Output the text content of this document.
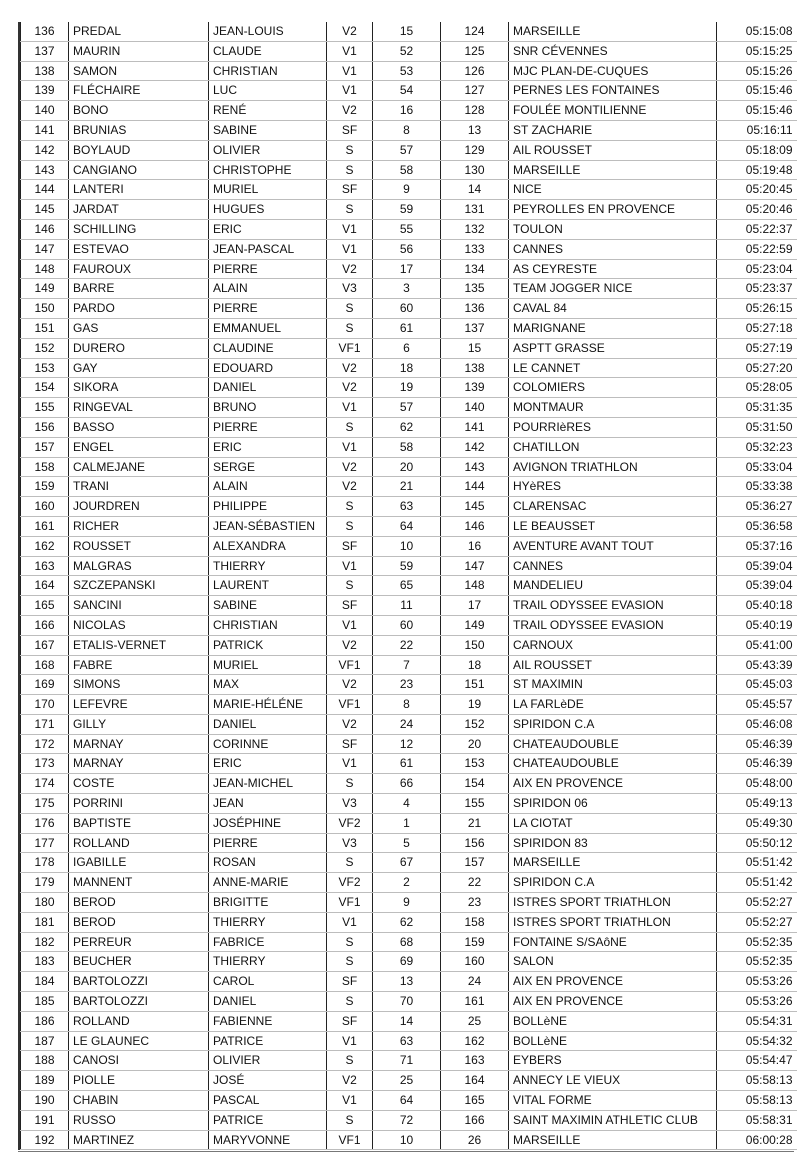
136	PREDAL	JEAN-LOUIS	V2	15	124	MARSEILLE	05:15:08
137	MAURIN	CLAUDE	V1	52	125	SNR CÉVENNES	05:15:25
138	SAMON	CHRISTIAN	V1	53	126	MJC PLAN-DE-CUQUES	05:15:26
139	FLÉCHAIRE	LUC	V1	54	127	PERNES LES FONTAINES	05:15:46
140	BONO	RENÉ	V2	16	128	FOULÉE MONTILIENNE	05:15:46
141	BRUNIAS	SABINE	SF	8	13	ST ZACHARIE	05:16:11
142	BOYLAUD	OLIVIER	S	57	129	AIL ROUSSET	05:18:09
143	CANGIANO	CHRISTOPHE	S	58	130	MARSEILLE	05:19:48
144	LANTERI	MURIEL	SF	9	14	NICE	05:20:45
145	JARDAT	HUGUES	S	59	131	PEYROLLES EN PROVENCE	05:20:46
146	SCHILLING	ERIC	V1	55	132	TOULON	05:22:37
147	ESTEVAO	JEAN-PASCAL	V1	56	133	CANNES	05:22:59
148	FAUROUX	PIERRE	V2	17	134	AS CEYRESTE	05:23:04
149	BARRE	ALAIN	V3	3	135	TEAM JOGGER NICE	05:23:37
150	PARDO	PIERRE	S	60	136	CAVAL 84	05:26:15
151	GAS	EMMANUEL	S	61	137	MARIGNANE	05:27:18
152	DURERO	CLAUDINE	VF1	6	15	ASPTT GRASSE	05:27:19
153	GAY	EDOUARD	V2	18	138	LE CANNET	05:27:20
154	SIKORA	DANIEL	V2	19	139	COLOMIERS	05:28:05
155	RINGEVAL	BRUNO	V1	57	140	MONTMAUR	05:31:35
156	BASSO	PIERRE	S	62	141	POURRIèRES	05:31:50
157	ENGEL	ERIC	V1	58	142	CHATILLON	05:32:23
158	CALMEJANE	SERGE	V2	20	143	AVIGNON TRIATHLON	05:33:04
159	TRANI	ALAIN	V2	21	144	HYèRES	05:33:38
160	JOURDREN	PHILIPPE	S	63	145	CLARENSAC	05:36:27
161	RICHER	JEAN-SÉBASTIEN	S	64	146	LE BEAUSSET	05:36:58
162	ROUSSET	ALEXANDRA	SF	10	16	AVENTURE AVANT TOUT	05:37:16
163	MALGRAS	THIERRY	V1	59	147	CANNES	05:39:04
164	SZCZEPANSKI	LAURENT	S	65	148	MANDELIEU	05:39:04
165	SANCINI	SABINE	SF	11	17	TRAIL ODYSSEE EVASION	05:40:18
166	NICOLAS	CHRISTIAN	V1	60	149	TRAIL ODYSSEE EVASION	05:40:19
167	ETALIS-VERNET	PATRICK	V2	22	150	CARNOUX	05:41:00
168	FABRE	MURIEL	VF1	7	18	AIL ROUSSET	05:43:39
169	SIMONS	MAX	V2	23	151	ST MAXIMIN	05:45:03
170	LEFEVRE	MARIE-HÉLÉNE	VF1	8	19	LA FARLèDE	05:45:57
171	GILLY	DANIEL	V2	24	152	SPIRIDON C.A	05:46:08
172	MARNAY	CORINNE	SF	12	20	CHATEAUDOUBLE	05:46:39
173	MARNAY	ERIC	V1	61	153	CHATEAUDOUBLE	05:46:39
174	COSTE	JEAN-MICHEL	S	66	154	AIX EN PROVENCE	05:48:00
175	PORRINI	JEAN	V3	4	155	SPIRIDON 06	05:49:13
176	BAPTISTE	JOSÉPHINE	VF2	1	21	LA CIOTAT	05:49:30
177	ROLLAND	PIERRE	V3	5	156	SPIRIDON 83	05:50:12
178	IGABILLE	ROSAN	S	67	157	MARSEILLE	05:51:42
179	MANNENT	ANNE-MARIE	VF2	2	22	SPIRIDON C.A	05:51:42
180	BEROD	BRIGITTE	VF1	9	23	ISTRES SPORT TRIATHLON	05:52:27
181	BEROD	THIERRY	V1	62	158	ISTRES SPORT TRIATHLON	05:52:27
182	PERREUR	FABRICE	S	68	159	FONTAINE S/SAôNE	05:52:35
183	BEUCHER	THIERRY	S	69	160	SALON	05:52:35
184	BARTOLOZZI	CAROL	SF	13	24	AIX EN PROVENCE	05:53:26
185	BARTOLOZZI	DANIEL	S	70	161	AIX EN PROVENCE	05:53:26
186	ROLLAND	FABIENNE	SF	14	25	BOLLèNE	05:54:31
187	LE GLAUNEC	PATRICE	V1	63	162	BOLLèNE	05:54:32
188	CANOSI	OLIVIER	S	71	163	EYBERS	05:54:47
189	PIOLLE	JOSÉ	V2	25	164	ANNECY LE VIEUX	05:58:13
190	CHABIN	PASCAL	V1	64	165	VITAL FORME	05:58:13
191	RUSSO	PATRICE	S	72	166	SAINT MAXIMIN ATHLETIC CLUB	05:58:31
192	MARTINEZ	MARYVONNE	VF1	10	26	MARSEILLE	06:00:28
